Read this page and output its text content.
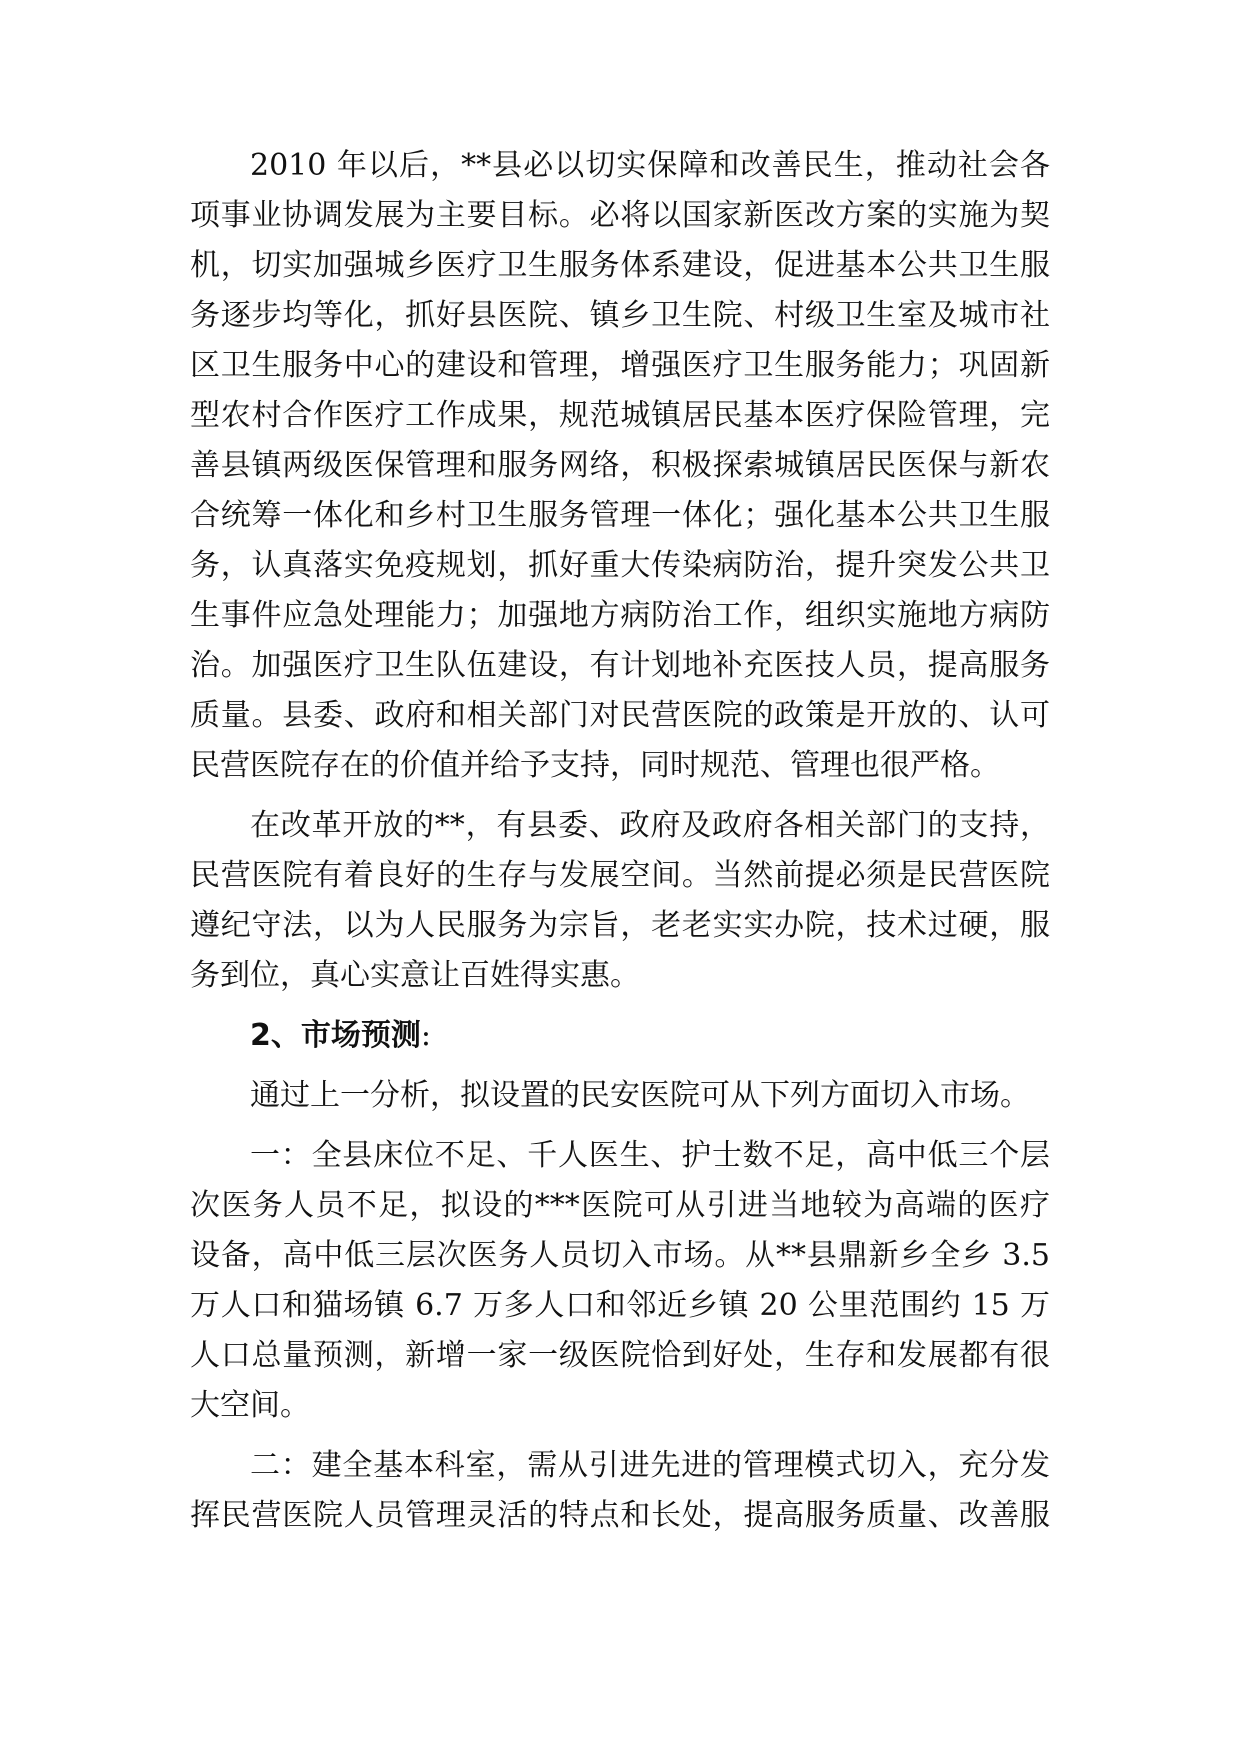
2010 年以后，**县必以切实保障和改善民生，推动社会各
项事业协调发展为主要目标。必将以国家新医改方案的实施为契
机，切实加强城乡医疗卫生服务体系建设，促进基本公共卫生服
务逐步均等化，抓好县医院、镇乡卫生院、村级卫生室及城市社
区卫生服务中心的建设和管理，增强医疗卫生服务能力；巩固新
型农村合作医疗工作成果，规范城镇居民基本医疗保险管理，完
善县镇两级医保管理和服务网络，积极探索城镇居民医保与新农
合统筹一体化和乡村卫生服务管理一体化；强化基本公共卫生服
务，认真落实免疫规划，抓好重大传染病防治，提升突发公共卫
生事件应急处理能力；加强地方病防治工作，组织实施地方病防
治。加强医疗卫生队伍建设，有计划地补充医技人员，提高服务
质量。县委、政府和相关部门对民营医院的政策是开放的、认可
民营医院存在的价值并给予支持，同时规范、管理也很严格。
在改革开放的**，有县委、政府及政府各相关部门的支持，
民营医院有着良好的生存与发展空间。当然前提必须是民营医院
遵纪守法，以为人民服务为宗旨，老老实实办院，技术过硬，服
务到位，真心实意让百姓得实惠。
2、市场预测:
通过上一分析，拟设置的民安医院可从下列方面切入市场。
一：全县床位不足、千人医生、护士数不足，高中低三个层
次医务人员不足，拟设的***医院可从引进当地较为高端的医疗
设备，高中低三层次医务人员切入市场。从**县鼎新乡全乡 3.5
万人口和猫场镇 6.7 万多人口和邻近乡镇 20 公里范围约 15 万
人口总量预测，新增一家一级医院恰到好处，生存和发展都有很
大空间。
二：建全基本科室，需从引进先进的管理模式切入，充分发
挥民营医院人员管理灵活的特点和长处，提高服务质量、改善服
